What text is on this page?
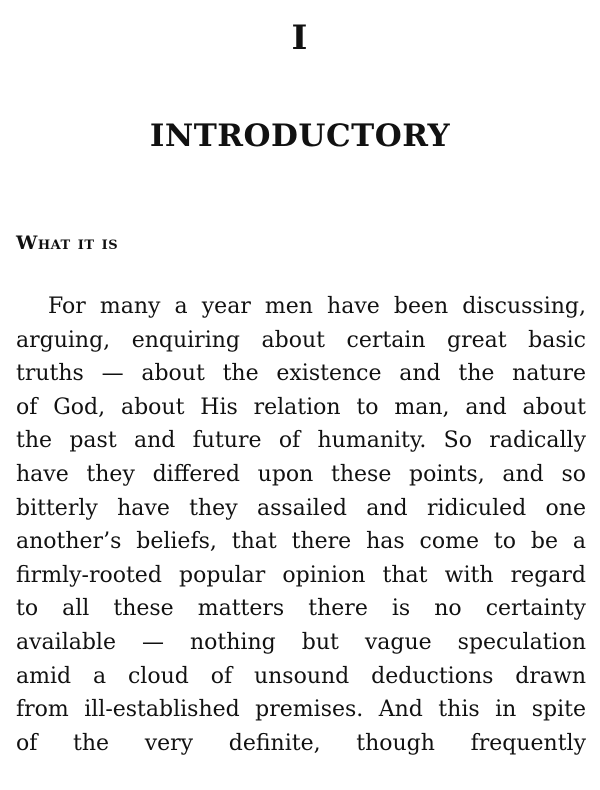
I
INTRODUCTORY
What it is
For many a year men have been discussing,
arguing, enquiring about certain great basic
truths — about the existence and the nature
of God, about His relation to man, and about
the past and future of humanity. So radically
have they differed upon these points, and so
bitterly have they assailed and ridiculed one
another’s beliefs, that there has come to be a
firmly-rooted popular opinion that with regard
to all these matters there is no certainty
available — nothing but vague speculation
amid a cloud of unsound deductions drawn
from ill-established premises. And this in spite
of the very definite, though frequently
